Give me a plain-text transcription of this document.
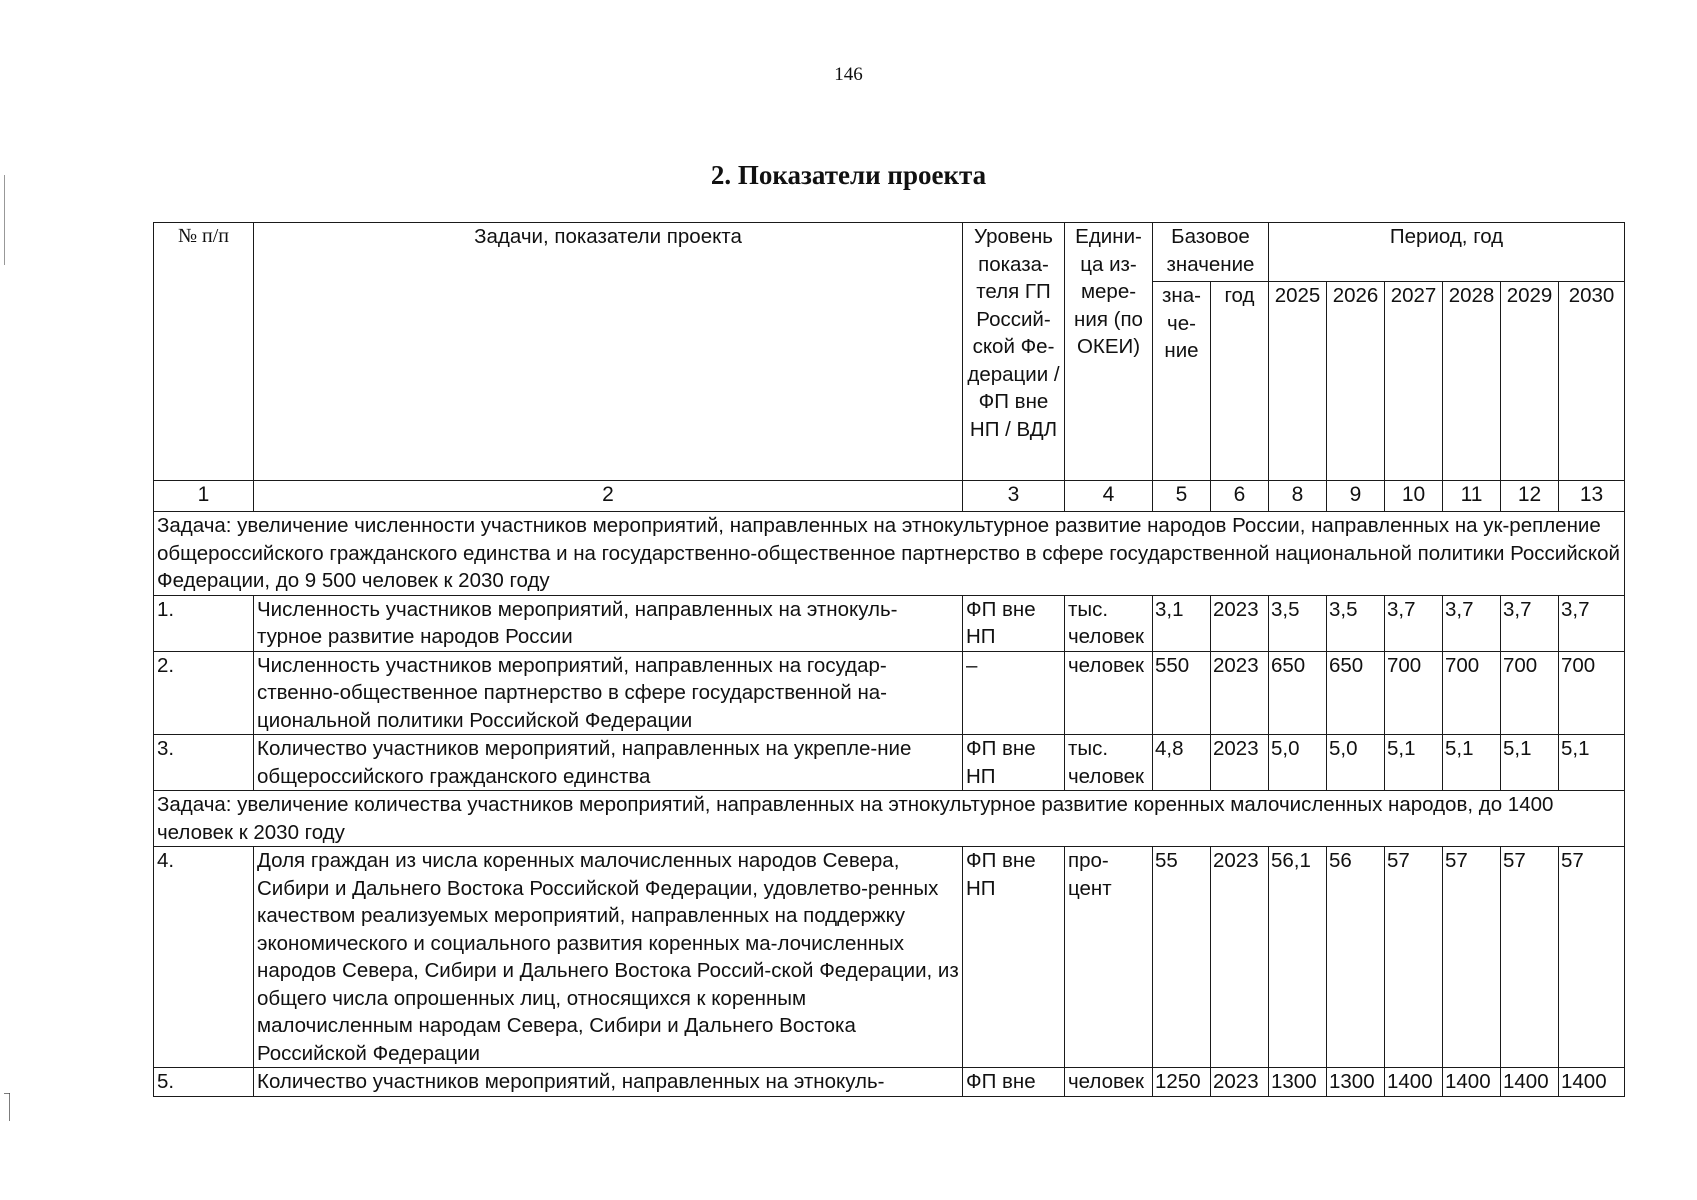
146
2. Показатели проекта
№ п/п	Задачи, показатели проекта	Уровень показа-теля ГП Россий-ской Фе-дерации / ФП вне НП / ВДЛ	Едини-ца из-мере-ния (по ОКЕИ)	Базовое значение		Период, год					
				зна-че-ние	год	2025	2026	2027	2028	2029	2030
1	2	3	4	5	6	8	9	10	11	12	13
Задача: увеличение численности участников мероприятий, направленных на этнокультурное развитие народов России, направленных на ук-репление общероссийского гражданского единства и на государственно-общественное партнерство в сфере государственной национальной политики Российской Федерации, до 9 500 человек к 2030 году											
1.	Численность участников мероприятий, направленных на этнокуль-турное развитие народов России	ФП вне НП	тыс. человек	3,1	2023	3,5	3,5	3,7	3,7	3,7	3,7
2.	Численность участников мероприятий, направленных на государ-ственно-общественное партнерство в сфере государственной на-циональной политики Российской Федерации	–	человек	550	2023	650	650	700	700	700	700
3.	Количество участников мероприятий, направленных на укрепле-ние общероссийского гражданского единства	ФП вне НП	тыс. человек	4,8	2023	5,0	5,0	5,1	5,1	5,1	5,1
Задача: увеличение количества участников мероприятий, направленных на этнокультурное развитие коренных малочисленных народов, до 1400 человек к 2030 году											
4.	Доля граждан из числа коренных малочисленных народов Севера, Сибири и Дальнего Востока Российской Федерации, удовлетво-ренных качеством реализуемых мероприятий, направленных на поддержку экономического и социального развития коренных ма-лочисленных народов Севера, Сибири и Дальнего Востока Россий-ской Федерации, из общего числа опрошенных лиц, относящихся к коренным малочисленным народам Севера, Сибири и Дальнего Востока Российской Федерации	ФП вне НП	про-цент	55	2023	56,1	56	57	57	57	57
5.	Количество участников мероприятий, направленных на этнокуль-	ФП вне	человек	1250	2023	1300	1300	1400	1400	1400	1400
